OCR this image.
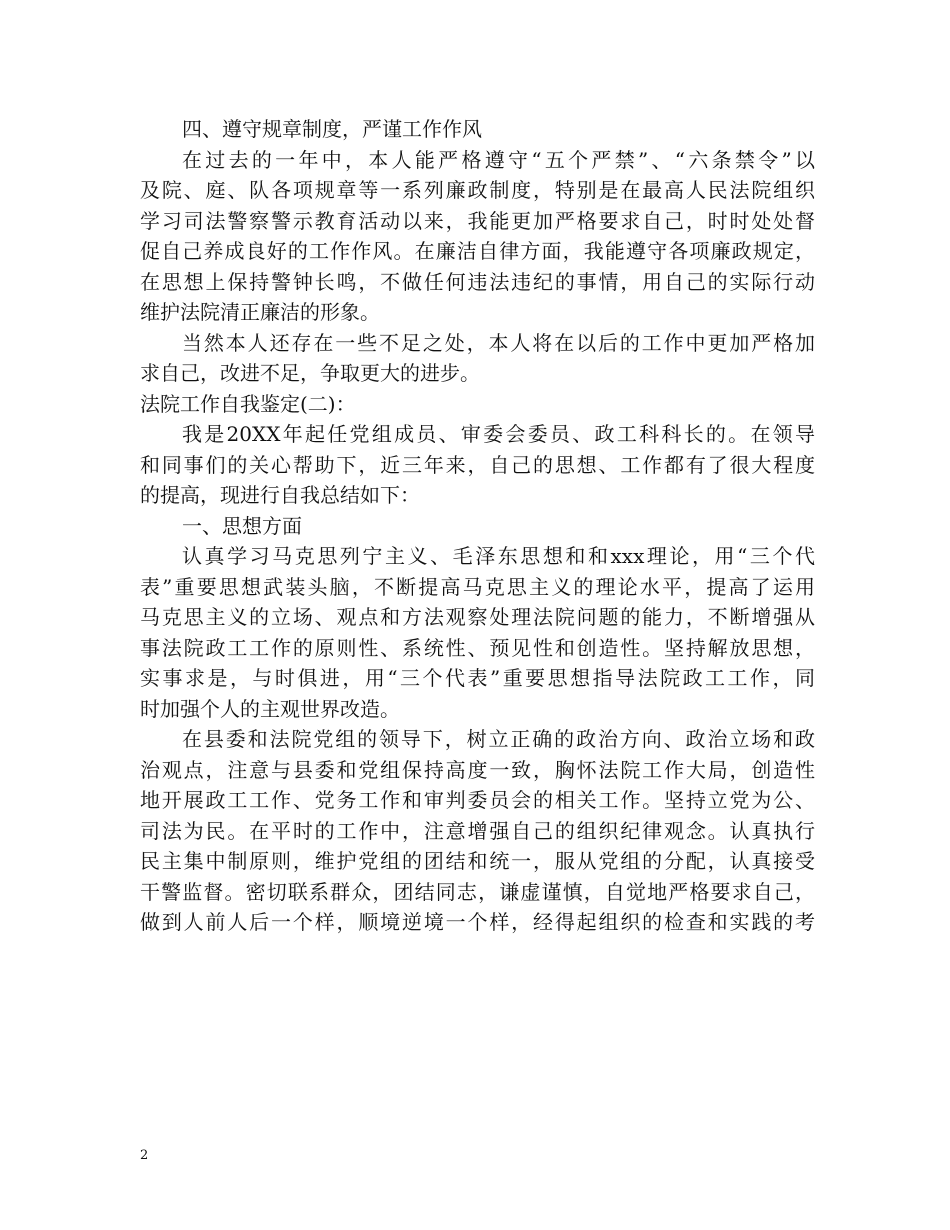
四、遵守规章制度，严谨工作作风
在过去的一年中，本人能严格遵守“五个严禁”、“六条禁令”以
及院、庭、队各项规章等一系列廉政制度，特别是在最高人民法院组织
学习司法警察警示教育活动以来，我能更加严格要求自己，时时处处督
促自己养成良好的工作作风。在廉洁自律方面，我能遵守各项廉政规定，
在思想上保持警钟长鸣，不做任何违法违纪的事情，用自己的实际行动
维护法院清正廉洁的形象。
当然本人还存在一些不足之处，本人将在以后的工作中更加严格加
求自己，改进不足，争取更大的进步。
法院工作自我鉴定(二)：
我是20XX年起任党组成员、审委会委员、政工科科长的。在领导
和同事们的关心帮助下，近三年来，自己的思想、工作都有了很大程度
的提高，现进行自我总结如下：
一、思想方面
认真学习马克思列宁主义、毛泽东思想和和xxx理论，用“三个代
表”重要思想武装头脑，不断提高马克思主义的理论水平，提高了运用
马克思主义的立场、观点和方法观察处理法院问题的能力，不断增强从
事法院政工工作的原则性、系统性、预见性和创造性。坚持解放思想，
实事求是，与时俱进，用“三个代表”重要思想指导法院政工工作，同
时加强个人的主观世界改造。
在县委和法院党组的领导下，树立正确的政治方向、政治立场和政
治观点，注意与县委和党组保持高度一致，胸怀法院工作大局，创造性
地开展政工工作、党务工作和审判委员会的相关工作。坚持立党为公、
司法为民。在平时的工作中，注意增强自己的组织纪律观念。认真执行
民主集中制原则，维护党组的团结和统一，服从党组的分配，认真接受
干警监督。密切联系群众，团结同志，谦虚谨慎，自觉地严格要求自己，
做到人前人后一个样，顺境逆境一个样，经得起组织的检查和实践的考
2
